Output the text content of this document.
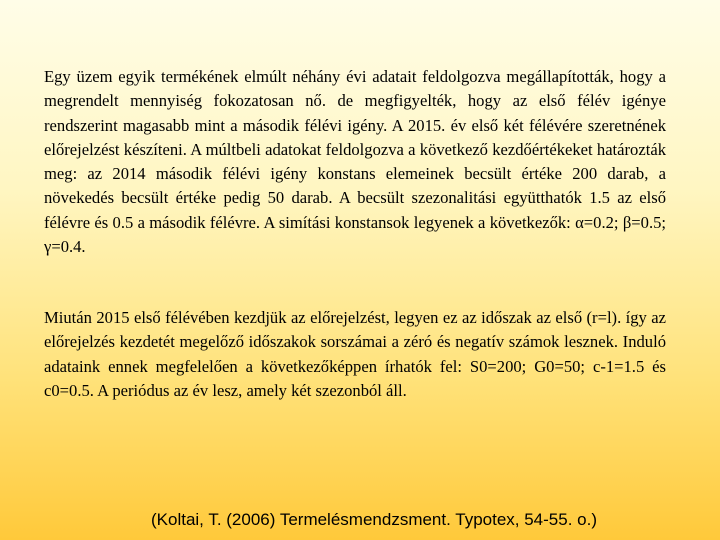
Egy üzem egyik termékének elmúlt néhány évi adatait feldolgozva megállapították, hogy a megrendelt mennyiség fokozatosan nő. de megfigyelték, hogy az első félév igénye rendszerint magasabb mint a második félévi igény. A 2015. év első két félévére szeretnének előrejelzést készíteni. A múltbeli adatokat feldolgozva a következő kezdőértékeket határozták meg: az 2014 második félévi igény konstans elemeinek becsült értéke 200 darab, a növekedés becsült értéke pedig 50 darab. A becsült szezonalitási együtthatók 1.5 az első félévre és 0.5 a második félévre. A simítási konstansok legyenek a következők: α=0.2; β=0.5; γ=0.4.

Miután 2015 első félévében kezdjük az előrejelzést, legyen ez az időszak az első (r=l). így az előrejelzés kezdetét megelőző időszakok sorszámai a zéró és negatív számok lesznek. Induló adataink ennek megfelelően a következőképpen írhatók fel: S0=200; G0=50; c-1=1.5 és c0=0.5. A periódus az év lesz, amely két szezonból áll.

(Koltai, T. (2006) Termelésmendzsment. Typotex, 54-55. o.)
